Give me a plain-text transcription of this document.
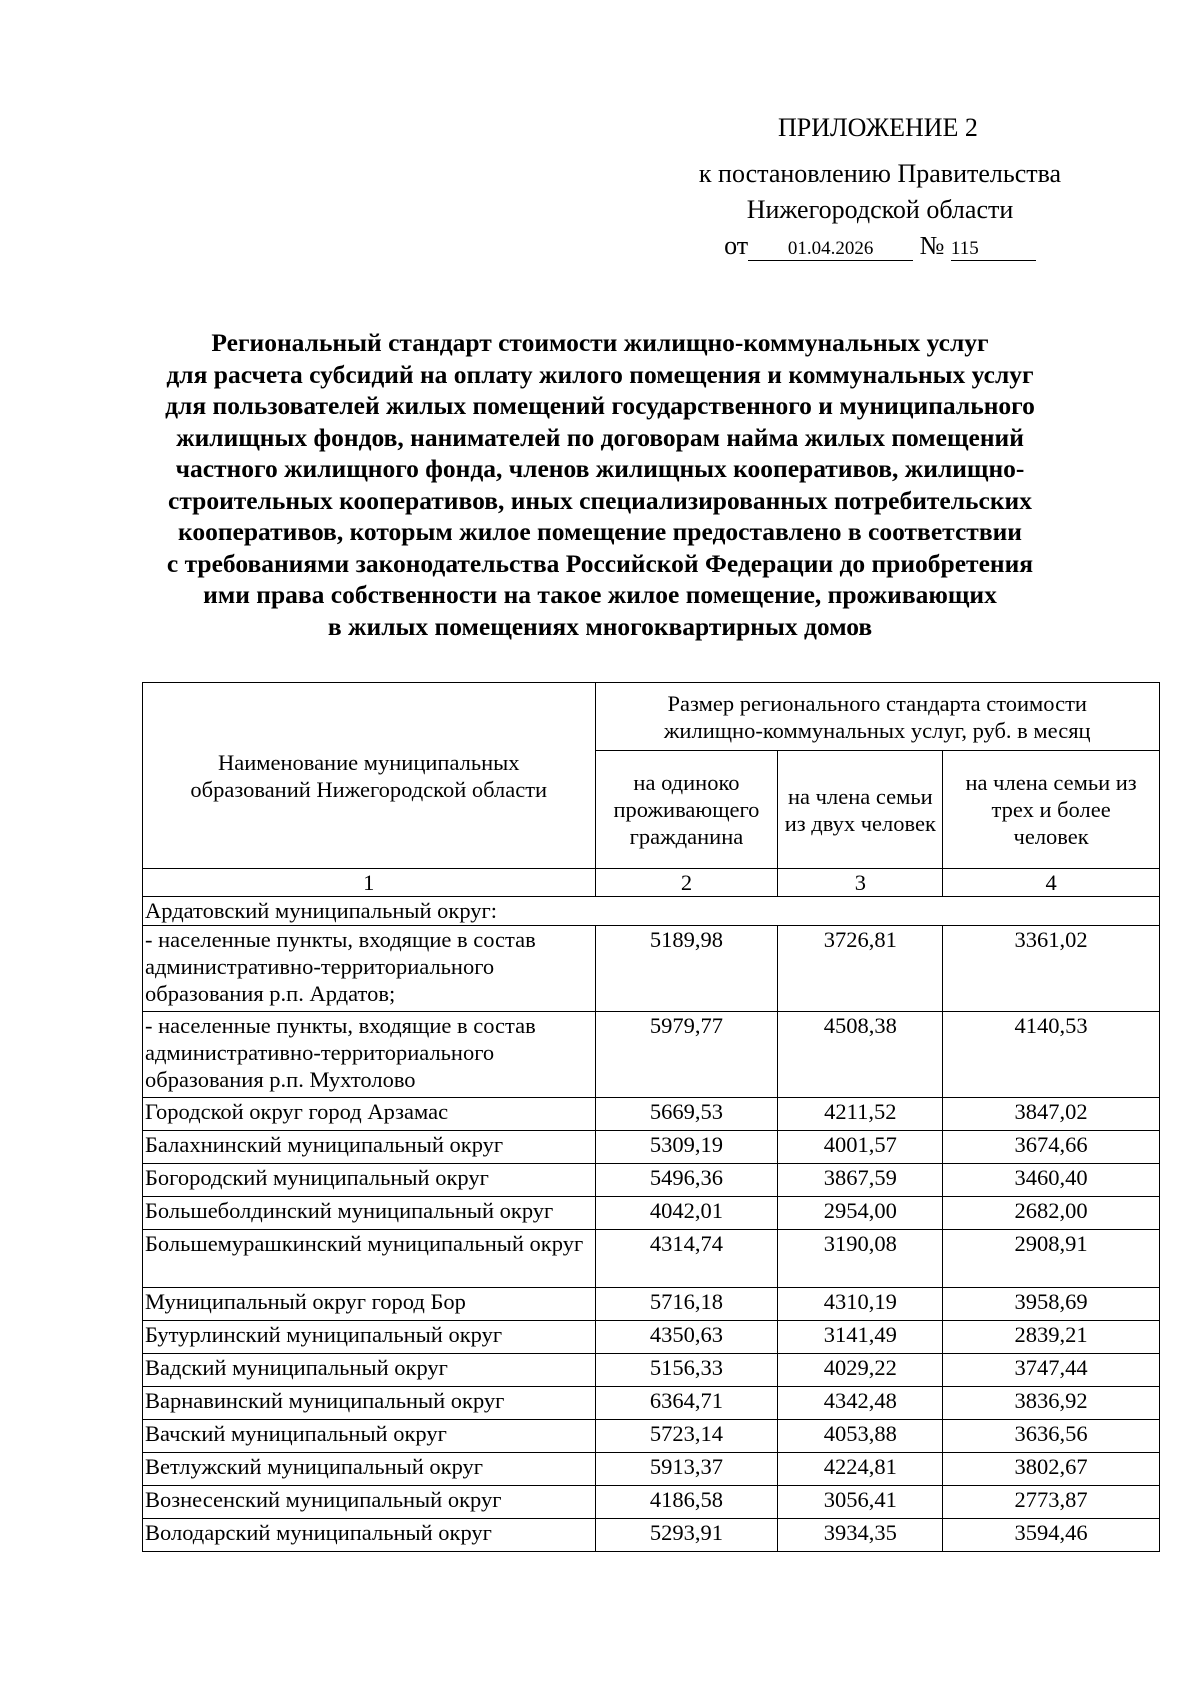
ПРИЛОЖЕНИЕ 2
к постановлению Правительства
Нижегородской области
от 01.04.2026 № 115
Региональный стандарт стоимости жилищно-коммунальных услуг
для расчета субсидий на оплату жилого помещения и коммунальных услуг
для пользователей жилых помещений государственного и муниципального
жилищных фондов, нанимателей по договорам найма жилых помещений
частного жилищного фонда, членов жилищных кооперативов, жилищно-
строительных кооперативов, иных специализированных потребительских
кооперативов, которым жилое помещение предоставлено в соответствии
с требованиями законодательства Российской Федерации до приобретения
ими права собственности на такое жилое помещение, проживающих
в жилых помещениях многоквартирных домов
Наименование муниципальных образований Нижегородской области	Размер регионального стандарта стоимости жилищно-коммунальных услуг, руб. в месяц		
	на одиноко проживающего гражданина	на члена семьи из двух человек	на члена семьи из трех и более человек
1	2	3	4
Ардатовский муниципальный округ:			
- населенные пункты, входящие в состав административно-территориального образования р.п. Ардатов;	5189,98	3726,81	3361,02
- населенные пункты, входящие в состав административно-территориального образования р.п. Мухтолово	5979,77	4508,38	4140,53
Городской округ город Арзамас	5669,53	4211,52	3847,02
Балахнинский муниципальный округ	5309,19	4001,57	3674,66
Богородский муниципальный округ	5496,36	3867,59	3460,40
Большеболдинский муниципальный округ	4042,01	2954,00	2682,00
Большемурашкинский муниципальный округ	4314,74	3190,08	2908,91
Муниципальный округ город Бор	5716,18	4310,19	3958,69
Бутурлинский муниципальный округ	4350,63	3141,49	2839,21
Вадский муниципальный округ	5156,33	4029,22	3747,44
Варнавинский муниципальный округ	6364,71	4342,48	3836,92
Вачский муниципальный округ	5723,14	4053,88	3636,56
Ветлужский муниципальный округ	5913,37	4224,81	3802,67
Вознесенский муниципальный округ	4186,58	3056,41	2773,87
Володарский муниципальный округ	5293,91	3934,35	3594,46
